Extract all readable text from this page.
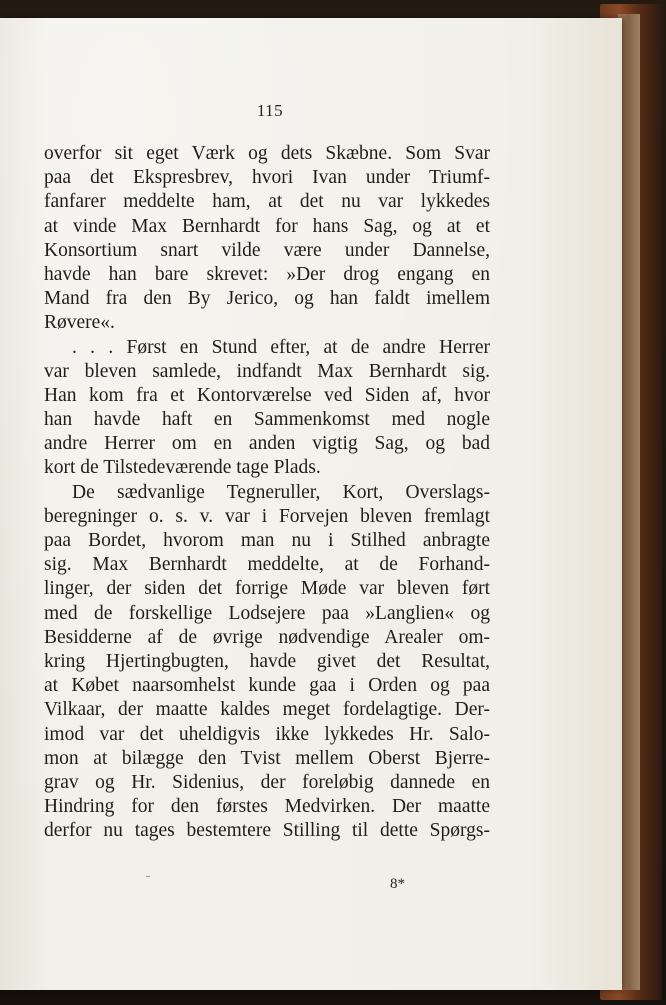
115
overfor sit eget Værk og dets Skæbne. Som Svar
paa det Ekspresbrev, hvori Ivan under Triumf-
fanfarer meddelte ham, at det nu var lykkedes
at vinde Max Bernhardt for hans Sag, og at et
Konsortium snart vilde være under Dannelse,
havde han bare skrevet: »Der drog engang en
Mand fra den By Jerico, og han faldt imellem
Røvere«.
. . . Først en Stund efter, at de andre Herrer
var bleven samlede, indfandt Max Bernhardt sig.
Han kom fra et Kontorværelse ved Siden af, hvor
han havde haft en Sammenkomst med nogle
andre Herrer om en anden vigtig Sag, og bad
kort de Tilstedeværende tage Plads.
De sædvanlige Tegneruller, Kort, Overslags-
beregninger o. s. v. var i Forvejen bleven fremlagt
paa Bordet, hvorom man nu i Stilhed anbragte
sig. Max Bernhardt meddelte, at de Forhand-
linger, der siden det forrige Møde var bleven ført
med de forskellige Lodsejere paa »Langlien« og
Besidderne af de øvrige nødvendige Arealer om-
kring Hjertingbugten, havde givet det Resultat,
at Købet naarsomhelst kunde gaa i Orden og paa
Vilkaar, der maatte kaldes meget fordelagtige. Der-
imod var det uheldigvis ikke lykkedes Hr. Salo-
mon at bilægge den Tvist mellem Oberst Bjerre-
grav og Hr. Sidenius, der foreløbig dannede en
Hindring for den førstes Medvirken. Der maatte
derfor nu tages bestemtere Stilling til dette Spørgs-
8*
